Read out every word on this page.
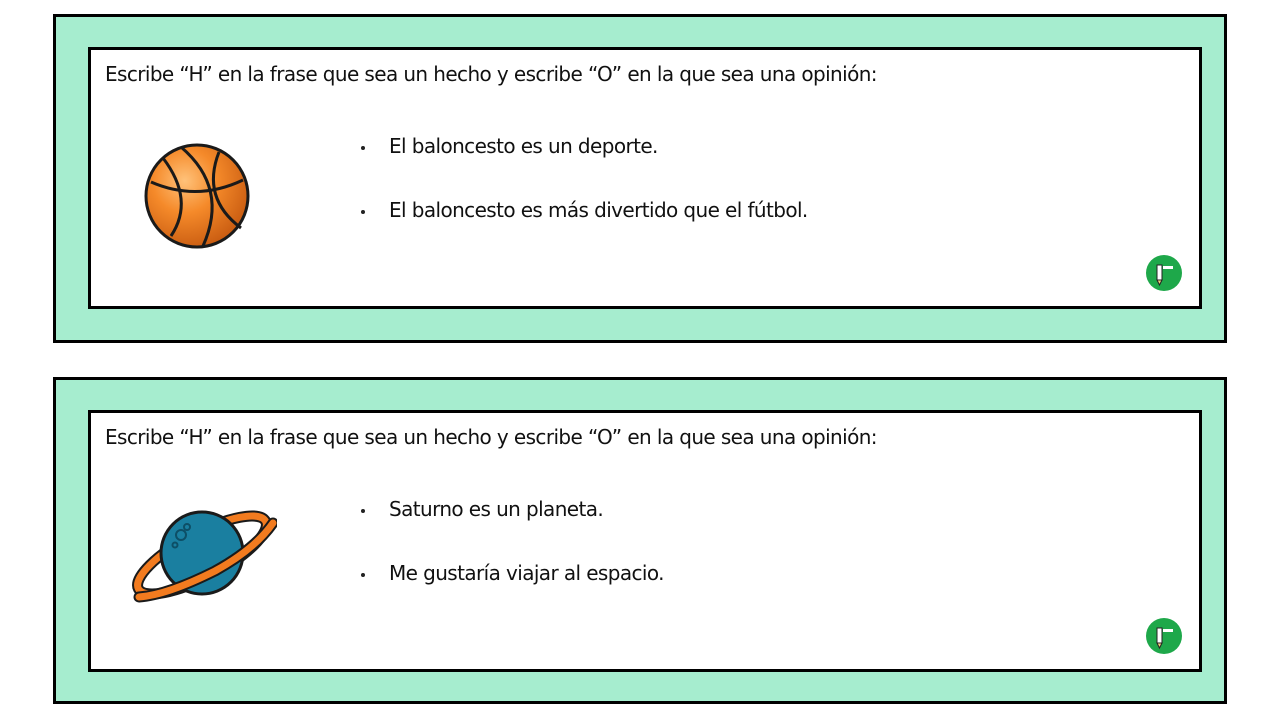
Escribe “H” en la frase que sea un hecho y escribe “O” en la que sea una opinión:
El baloncesto es un deporte.
El baloncesto es más divertido que el fútbol.
Escribe “H” en la frase que sea un hecho y escribe “O” en la que sea una opinión:
Saturno es un planeta.
Me gustaría viajar al espacio.
